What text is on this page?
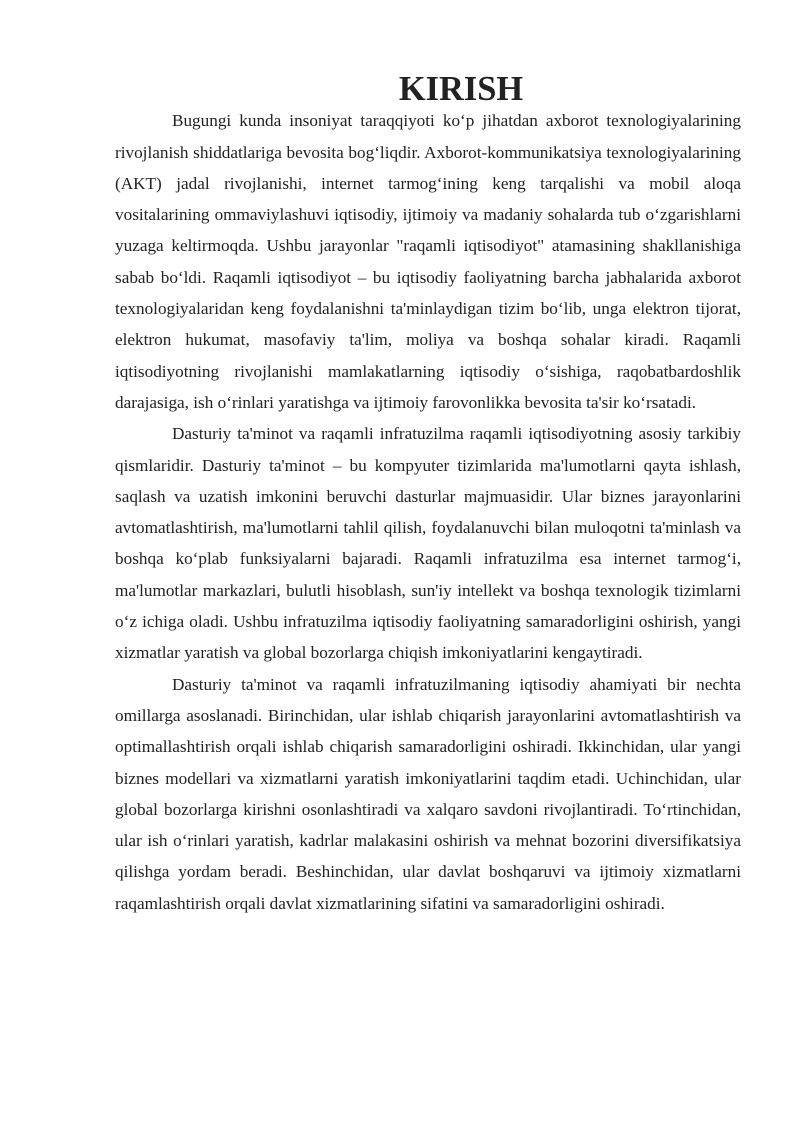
KIRISH

Bugungi kunda insoniyat taraqqiyoti ko‘p jihatdan axborot texnologiyalarining rivojlanish shiddatlariga bevosita bog‘liqdir. Axborot-kommunikatsiya texnologiyalarining (AKT) jadal rivojlanishi, internet tarmog‘ining keng tarqalishi va mobil aloqa vositalarining ommaviylashuvi iqtisodiy, ijtimoiy va madaniy sohalarda tub o‘zgarishlarni yuzaga keltirmoqda. Ushbu jarayonlar "raqamli iqtisodiyot" atamasining shakllanishiga sabab bo‘ldi. Raqamli iqtisodiyot – bu iqtisodiy faoliyatning barcha jabhalarida axborot texnologiyalaridan keng foydalanishni ta'minlaydigan tizim bo‘lib, unga elektron tijorat, elektron hukumat, masofaviy ta'lim, moliya va boshqa sohalar kiradi. Raqamli iqtisodiyotning rivojlanishi mamlakatlarning iqtisodiy o‘sishiga, raqobatbardoshlik darajasiga, ish o‘rinlari yaratishga va ijtimoiy farovonlikka bevosita ta'sir ko‘rsatadi.

Dasturiy ta'minot va raqamli infratuzilma raqamli iqtisodiyotning asosiy tarkibiy qismlaridir. Dasturiy ta'minot – bu kompyuter tizimlarida ma'lumotlarni qayta ishlash, saqlash va uzatish imkonini beruvchi dasturlar majmuasidir. Ular biznes jarayonlarini avtomatlashtirish, ma'lumotlarni tahlil qilish, foydalanuvchi bilan muloqotni ta'minlash va boshqa ko‘plab funksiyalarni bajaradi. Raqamli infratuzilma esa internet tarmog‘i, ma'lumotlar markazlari, bulutli hisoblash, sun'iy intellekt va boshqa texnologik tizimlarni o‘z ichiga oladi. Ushbu infratuzilma iqtisodiy faoliyatning samaradorligini oshirish, yangi xizmatlar yaratish va global bozorlarga chiqish imkoniyatlarini kengaytiradi.

Dasturiy ta'minot va raqamli infratuzilmaning iqtisodiy ahamiyati bir nechta omillarga asoslanadi. Birinchidan, ular ishlab chiqarish jarayonlarini avtomatlashtirish va optimallashtirish orqali ishlab chiqarish samaradorligini oshiradi. Ikkinchidan, ular yangi biznes modellari va xizmatlarni yaratish imkoniyatlarini taqdim etadi. Uchinchidan, ular global bozorlarga kirishni osonlashtiradi va xalqaro savdoni rivojlantiradi. To‘rtinchidan, ular ish o‘rinlari yaratish, kadrlar malakasini oshirish va mehnat bozorini diversifikatsiya qilishga yordam beradi. Beshinchidan, ular davlat boshqaruvi va ijtimoiy xizmatlarni raqamlashtirish orqali davlat xizmatlarining sifatini va samaradorligini oshiradi.
